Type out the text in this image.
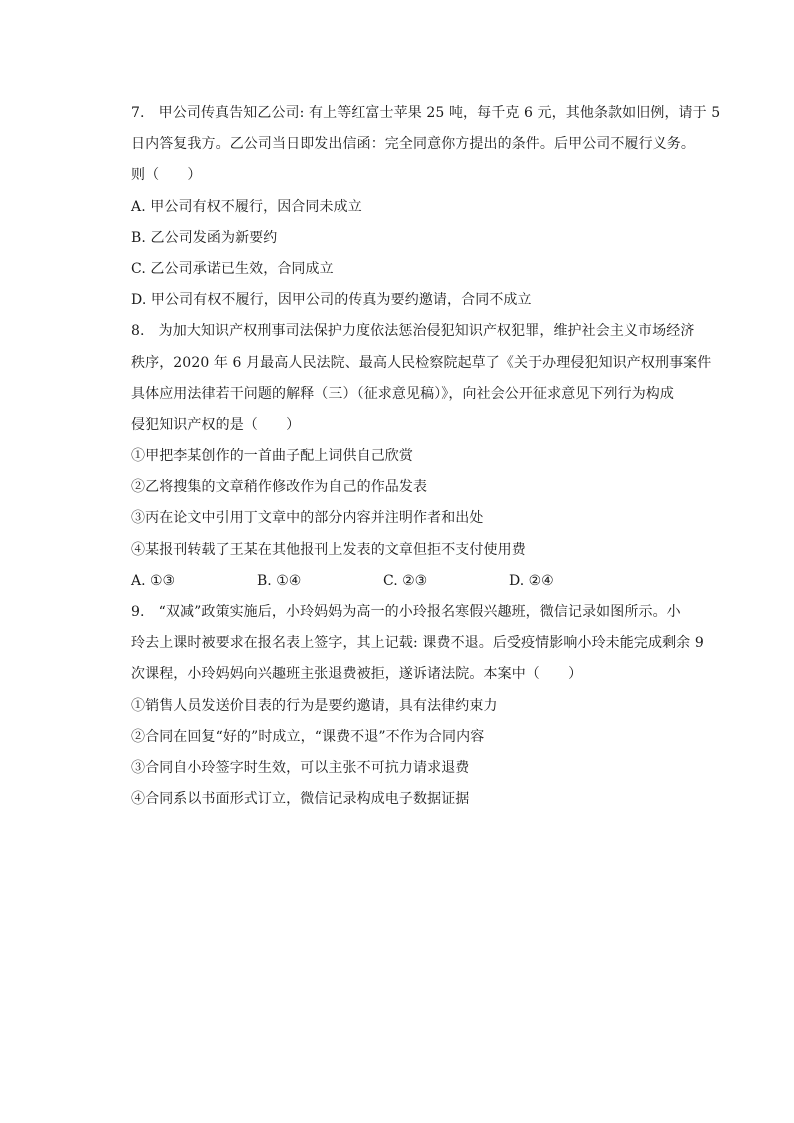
7.　甲公司传真告知乙公司: 有上等红富士苹果 25 吨，每千克 6 元，其他条款如旧例，请于 5
日内答复我方。乙公司当日即发出信函：完全同意你方提出的条件。后甲公司不履行义务。
则（　　）
A. 甲公司有权不履行，因合同未成立
B. 乙公司发函为新要约
C. 乙公司承诺已生效，合同成立
D. 甲公司有权不履行，因甲公司的传真为要约邀请，合同不成立
8.　为加大知识产权刑事司法保护力度依法惩治侵犯知识产权犯罪，维护社会主义市场经济
秩序，2020 年 6 月最高人民法院、最高人民检察院起草了《关于办理侵犯知识产权刑事案件
具体应用法律若干问题的解释（三）（征求意见稿）》，向社会公开征求意见下列行为构成
侵犯知识产权的是（　　）
①甲把李某创作的一首曲子配上词供自己欣赏
②乙将搜集的文章稍作修改作为自己的作品发表
③丙在论文中引用丁文章中的部分内容并注明作者和出处
④某报刊转载了王某在其他报刊上发表的文章但拒不支付使用费
A. ①③	B. ①④	C. ②③	D. ②④
9.　“双减”政策实施后，小玲妈妈为高一的小玲报名寒假兴趣班，微信记录如图所示。小
玲去上课时被要求在报名表上签字，其上记载: 课费不退。后受疫情影响小玲未能完成剩余 9
次课程，小玲妈妈向兴趣班主张退费被拒，遂诉诸法院。本案中（　　）
①销售人员发送价目表的行为是要约邀请，具有法律约束力
②合同在回复“好的”时成立，“课费不退”不作为合同内容
③合同自小玲签字时生效，可以主张不可抗力请求退费
④合同系以书面形式订立，微信记录构成电子数据证据
